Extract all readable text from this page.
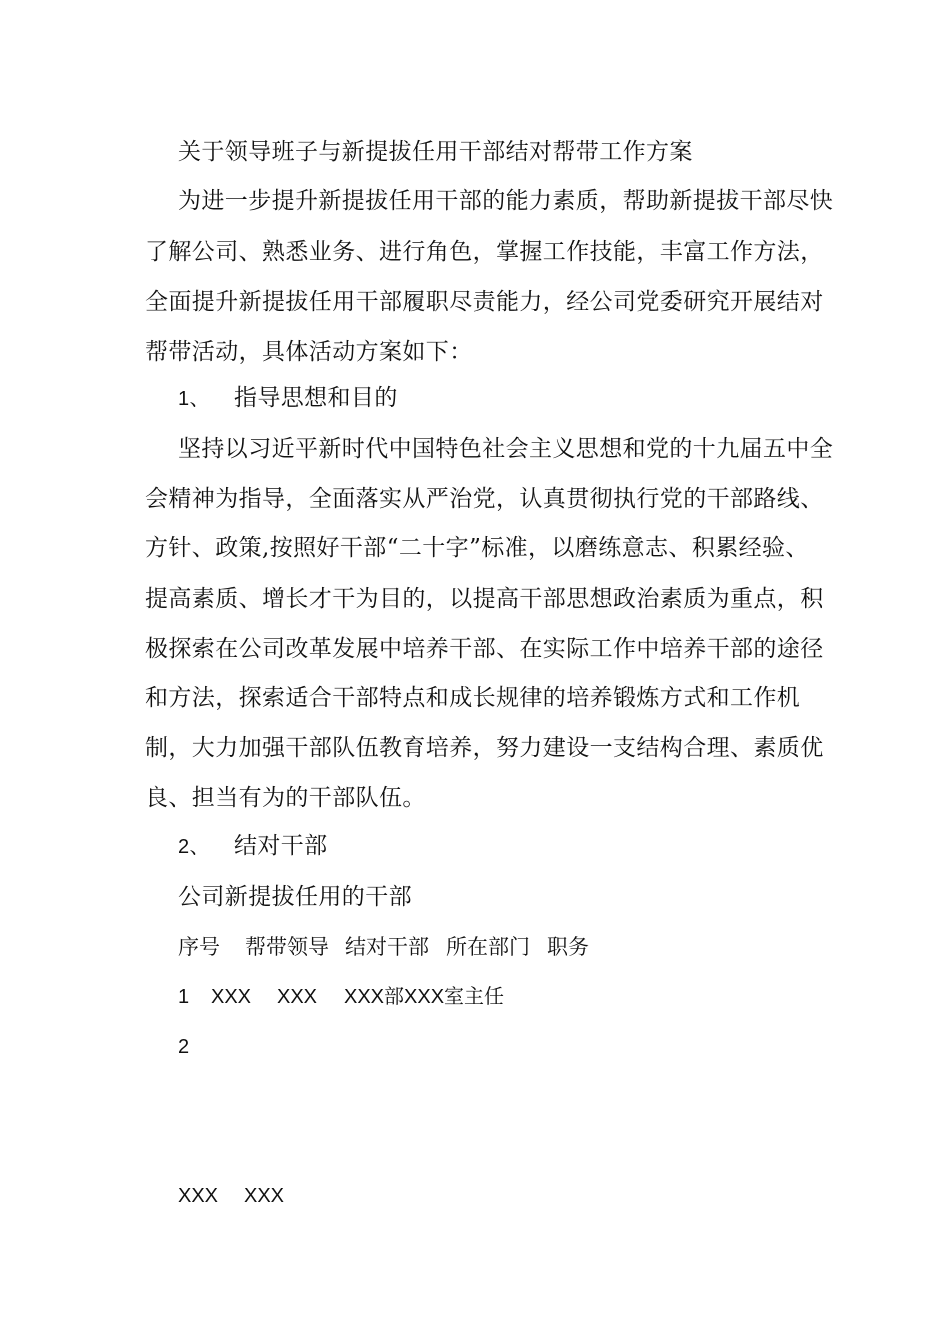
关于领导班子与新提拔任用干部结对帮带工作方案
为进一步提升新提拔任用干部的能力素质，帮助新提拔干部尽快
了解公司、熟悉业务、进行角色，掌握工作技能，丰富工作方法，
全面提升新提拔任用干部履职尽责能力，经公司党委研究开展结对
帮带活动，具体活动方案如下：
1、 指导思想和目的
坚持以习近平新时代中国特色社会主义思想和党的十九届五中全
会精神为指导，全面落实从严治党，认真贯彻执行党的干部路线、
方针、政策,按照好干部“二十字”标准，以磨练意志、积累经验、
提高素质、增长才干为目的，以提高干部思想政治素质为重点，积
极探索在公司改革发展中培养干部、在实际工作中培养干部的途径
和方法，探索适合干部特点和成长规律的培养锻炼方式和工作机
制，大力加强干部队伍教育培养，努力建设一支结构合理、素质优
良、担当有为的干部队伍。
2、 结对干部
公司新提拔任用的干部
序号 帮带领导 结对干部 所在部门 职务
1 XXX XXX XXX部XXX室主任
2
XXX XXX
